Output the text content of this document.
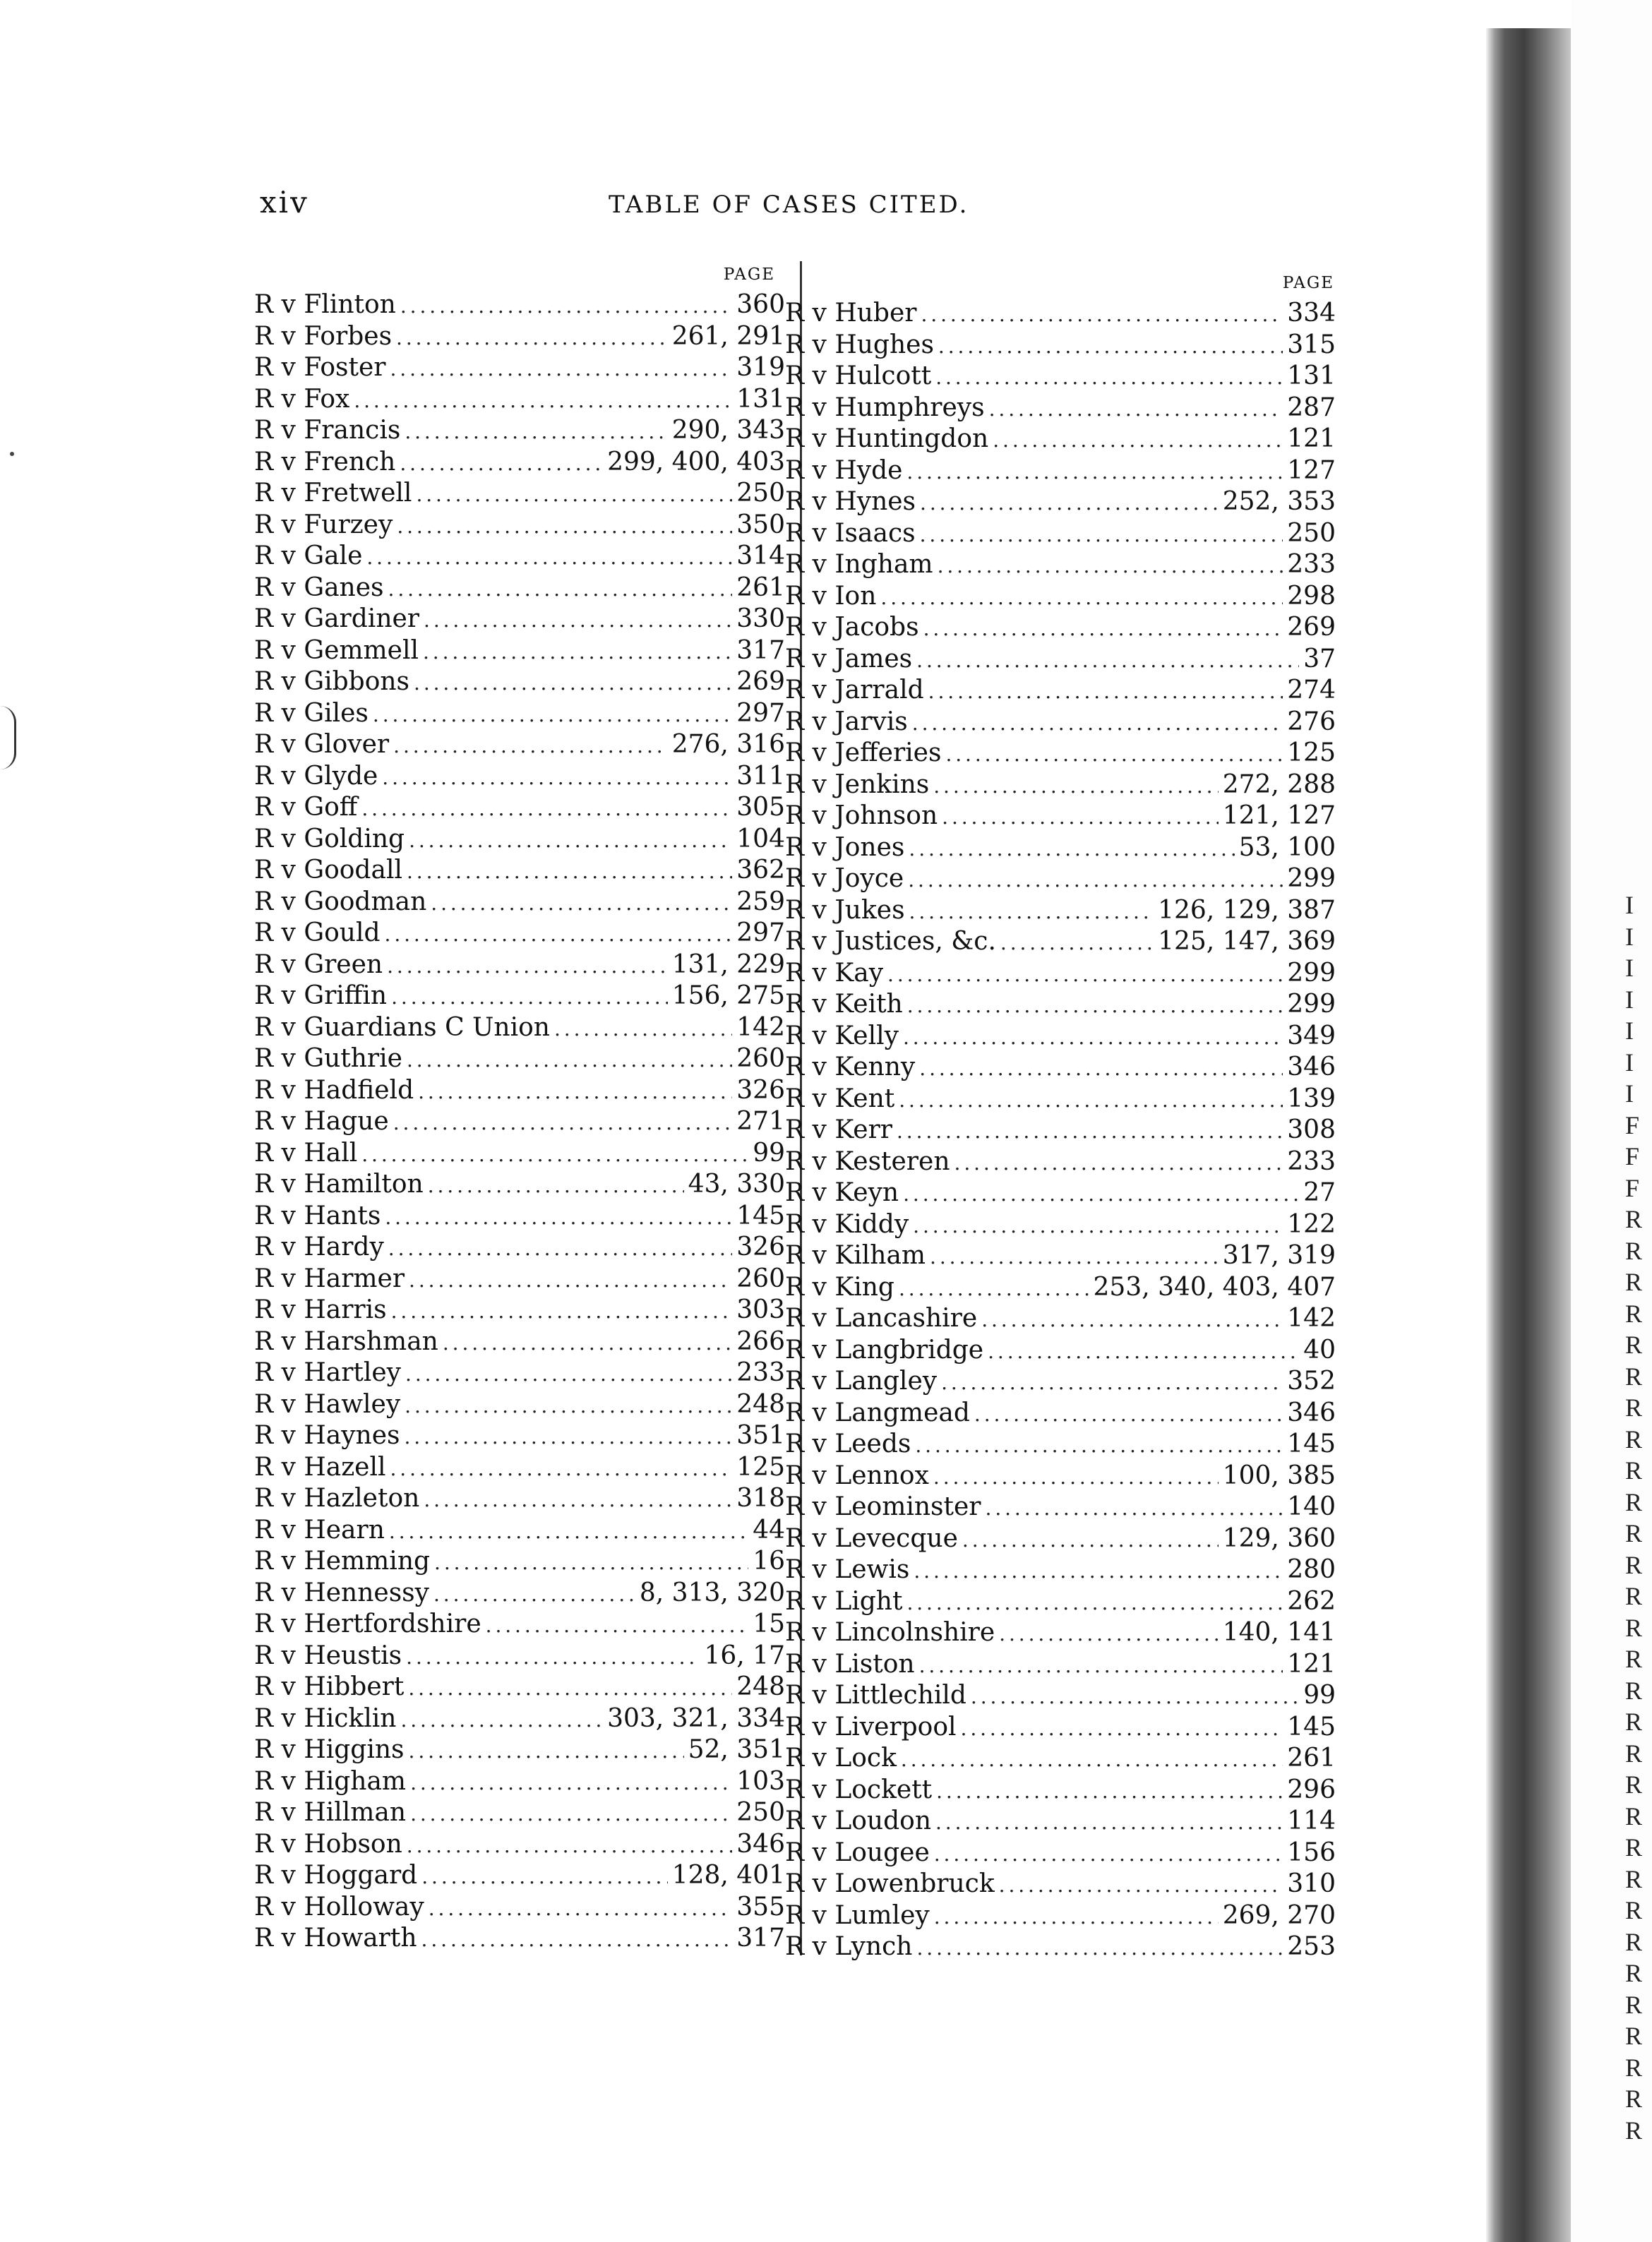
xiv	TABLE OF CASES CITED.
PAGE
R v Flinton . . .	360
R v Forbes . . .	261, 291
R v Foster . . .	319
R v Fox . . .	131
R v Francis . . .	290, 343
R v French . . .	299, 400, 403
R v Fretwell . . .	250
R v Furzey . . .	350
R v Gale . . .	314
R v Ganes . . .	261
R v Gardiner . . .	330
R v Gemmell . . .	317
R v Gibbons . . .	269
R v Giles . . .	297
R v Glover . . .	276, 316
R v Glyde . . .	311
R v Goff . . .	305
R v Golding . . .	104
R v Goodall . . .	362
R v Goodman . . .	259
R v Gould . . .	297
R v Green . . .	131, 229
R v Griffin . . .	156, 275
R v Guardians C Union . . .	142
R v Guthrie . . .	260
R v Hadfield . . .	326
R v Hague . . .	271
R v Hall . . .	99
R v Hamilton . . .	43, 330
R v Hants . . .	145
R v Hardy . . .	326
R v Harmer . . .	260
R v Harris . . .	303
R v Harshman . . .	266
R v Hartley . . .	233
R v Hawley . . .	248
R v Haynes . . .	351
R v Hazell . . .	125
R v Hazleton . . .	318
R v Hearn . . .	44
R v Hemming . . .	16
R v Hennessy . . .	8, 313, 320
R v Hertfordshire . . .	15
R v Heustis . . .	16, 17
R v Hibbert . . .	248
R v Hicklin . . .	303, 321, 334
R v Higgins . . .	52, 351
R v Higham . . .	103
R v Hillman . . .	250
R v Hobson . . .	346
R v Hoggard . . .	128, 401
R v Holloway . . .	355
R v Howarth . . .	317
PAGE
R v Huber . . .	334
R v Hughes . . .	315
R v Hulcott . . .	131
R v Humphreys . . .	287
R v Huntingdon . . .	121
R v Hyde . . .	127
R v Hynes . . .	252, 353
R v Isaacs . . .	250
R v Ingham . . .	233
R v Ion . . .	298
R v Jacobs . . .	269
R v James . . .	37
R v Jarrald . . .	274
R v Jarvis . . .	276
R v Jefferies . . .	125
R v Jenkins . . .	272, 288
R v Johnson . . .	121, 127
R v Jones . . .	53, 100
R v Joyce . . .	299
R v Jukes . . .	126, 129, 387
R v Justices, &c. . . .	125, 147, 369
R v Kay . . .	299
R v Keith . . .	299
R v Kelly . . .	349
R v Kenny . . .	346
R v Kent . . .	139
R v Kerr . . .	308
R v Kesteren . . .	233
R v Keyn . . .	27
R v Kiddy . . .	122
R v Kilham . . .	317, 319
R v King . . .	253, 340, 403, 407
R v Lancashire . . .	142
R v Langbridge . . .	40
R v Langley . . .	352
R v Langmead . . .	346
R v Leeds . . .	145
R v Lennox . . .	100, 385
R v Leominster . . .	140
R v Levecque . . .	129, 360
R v Lewis . . .	280
R v Light . . .	262
R v Lincolnshire . . .	140, 141
R v Liston . . .	121
R v Littlechild . . .	99
R v Liverpool . . .	145
R v Lock . . .	261
R v Lockett . . .	296
R v Loudon . . .	114
R v Lougee . . .	156
R v Lowenbruck . . .	310
R v Lumley . . .	269, 270
R v Lynch . . .	253
I
I
I
I
I
I
I
F
F
F
R
R
R
R
R
R
R
R
R
R
R
R
R
R
R
R
R
R
R
R
R
R
R
R
R
R
R
R
R
R
